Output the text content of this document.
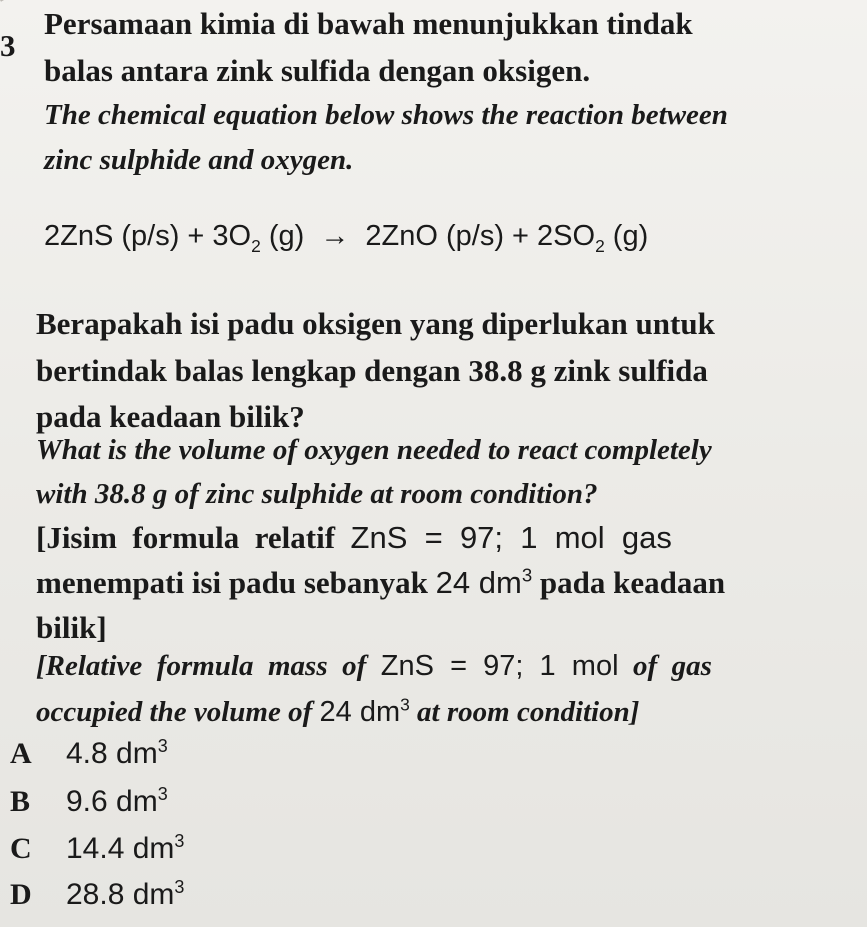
3
Persamaan kimia di bawah menunjukkan tindak
balas antara zink sulfida dengan oksigen.
The chemical equation below shows the reaction between
zinc sulphide and oxygen.
2ZnS $(p/s) + 3O_2$ (g) → 2ZnO $(p/s) + 2SO_2$ (g)
Berapakah isi padu oksigen yang diperlukan untuk
bertindak balas lengkap dengan 38.8 g zink sulfida
pada keadaan bilik?
What is the volume of oxygen needed to react completely
with 38.8 g of zinc sulphide at room condition?
[Jisim  formula  relatif  ZnS  =  97;  1  mol  gas
menempati isi padu sebanyak 24 $dm^3$ pada keadaan
bilik]
[Relative  formula  mass  of  ZnS  =  97;  1  mol  of  gas
occupied the volume of 24 $dm^3$ at room condition]
A 4.8 $dm^3$
B 9.6 $dm^3$
C 14.4 $dm^3$
D 28.8 $dm^3$
